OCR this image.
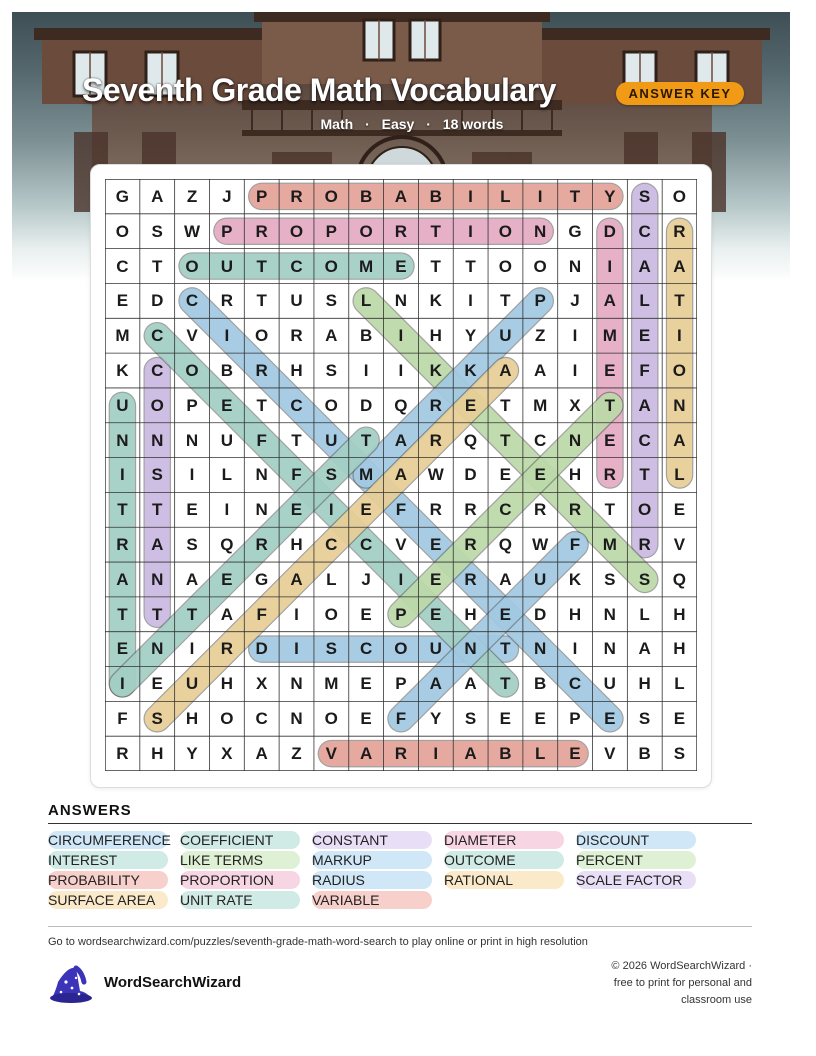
Seventh Grade Math Vocabulary	ANSWER KEY
Math · Easy · 18 words
G	A	Z	J	P	R	O	B	A	B	I	L	I	T	Y	S	O
O	S	W	P	R	O	P	O	R	T	I	O	N	G	D	C	R
C	T	O	U	T	C	O	M	E	T	T	O	O	N	I	A	A
E	D	C	R	T	U	S	L	N	K	I	T	P	J	A	L	T
M	C	V	I	O	R	A	B	I	H	Y	U	Z	I	M	E	I
K	C	O	B	R	H	S	I	I	K	K	A	A	I	E	F	O
U	O	P	E	T	C	O	D	Q	R	E	T	M	X	T	A	N
N	N	N	U	F	T	U	T	A	R	Q	T	C	N	E	C	A
I	S	I	L	N	F	S	M	A	W	D	E	E	H	R	T	L
T	T	E	I	N	E	I	E	F	R	R	C	R	R	T	O	E
R	A	S	Q	R	H	C	C	V	E	R	Q	W	F	M	R	V
A	N	A	E	G	A	L	J	I	E	R	A	U	K	S	S	Q
T	T	T	A	F	I	O	E	P	E	H	E	D	H	N	L	H
E	N	I	R	D	I	S	C	O	U	N	T	N	I	N	A	H
I	E	U	H	X	N	M	E	P	A	A	T	B	C	U	H	L
F	S	H	O	C	N	O	E	F	Y	S	E	E	P	E	S	E
R	H	Y	X	A	Z	V	A	R	I	A	B	L	E	V	B	S
ANSWERS
CIRCUMFERENCE COEFFICIENT	CONSTANT	DIAMETER	DISCOUNT
INTEREST	LIKE TERMS	MARKUP	OUTCOME	PERCENT
PROBABILITY	PROPORTION	RADIUS	RATIONAL	SCALE FACTOR
SURFACE AREA	UNIT RATE	VARIABLE
Go to wordsearchwizard.com/puzzles/seventh-grade-math-word-search to play online or print in high resolution
WordSearchWizard
© 2026 WordSearchWizard ·
free to print for personal and
classroom use
